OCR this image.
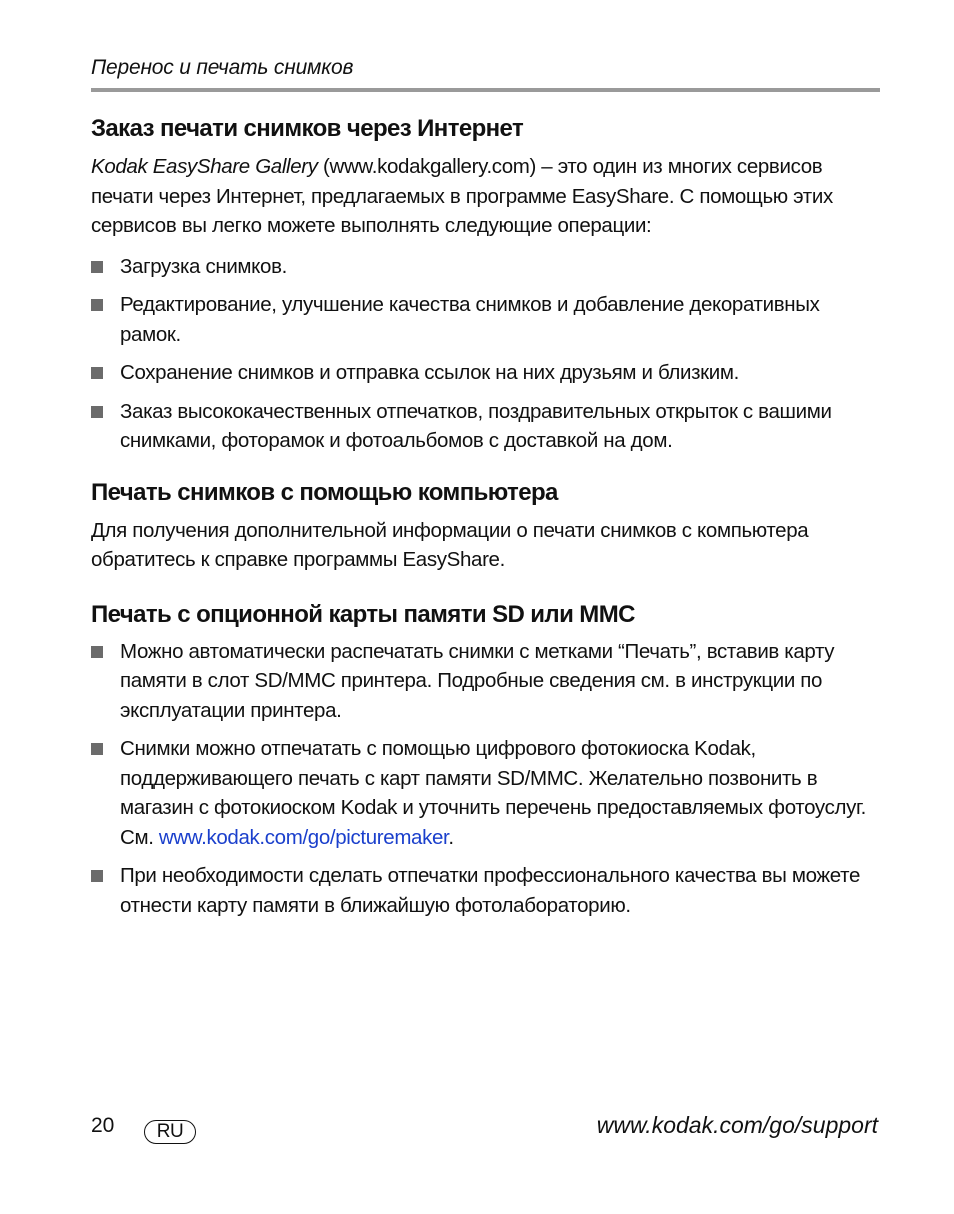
Перенос и печать снимков
Заказ печати снимков через Интернет

Kodak EasyShare Gallery (www.kodakgallery.com) – это один из многих сервисов печати через Интернет, предлагаемых в программе EasyShare. С помощью этих сервисов вы легко можете выполнять следующие операции:

Загрузка снимков.
Редактирование, улучшение качества снимков и добавление декоративных рамок.
Сохранение снимков и отправка ссылок на них друзьям и близким.
Заказ высококачественных отпечатков, поздравительных открыток с вашими снимками, фоторамок и фотоальбомов с доставкой на дом.
Печать снимков с помощью компьютера

Для получения дополнительной информации о печати снимков с компьютера обратитесь к справке программы EasyShare.

Печать с опционной карты памяти SD или MMC
Можно автоматически распечатать снимки с метками “Печать”, вставив карту памяти в слот SD/MMC принтера. Подробные сведения см. в инструкции по эксплуатации принтера.
Снимки можно отпечатать с помощью цифрового фотокиоска Kodak, поддерживающего печать с карт памяти SD/MMC. Желательно позвонить в магазин с фотокиоском Kodak и уточнить перечень предоставляемых фотоуслуг. См. www.kodak.com/go/picturemaker.
При необходимости сделать отпечатки профессионального качества вы можете отнести карту памяти в ближайшую фотолабораторию.
20	RU	www.kodak.com/go/support
